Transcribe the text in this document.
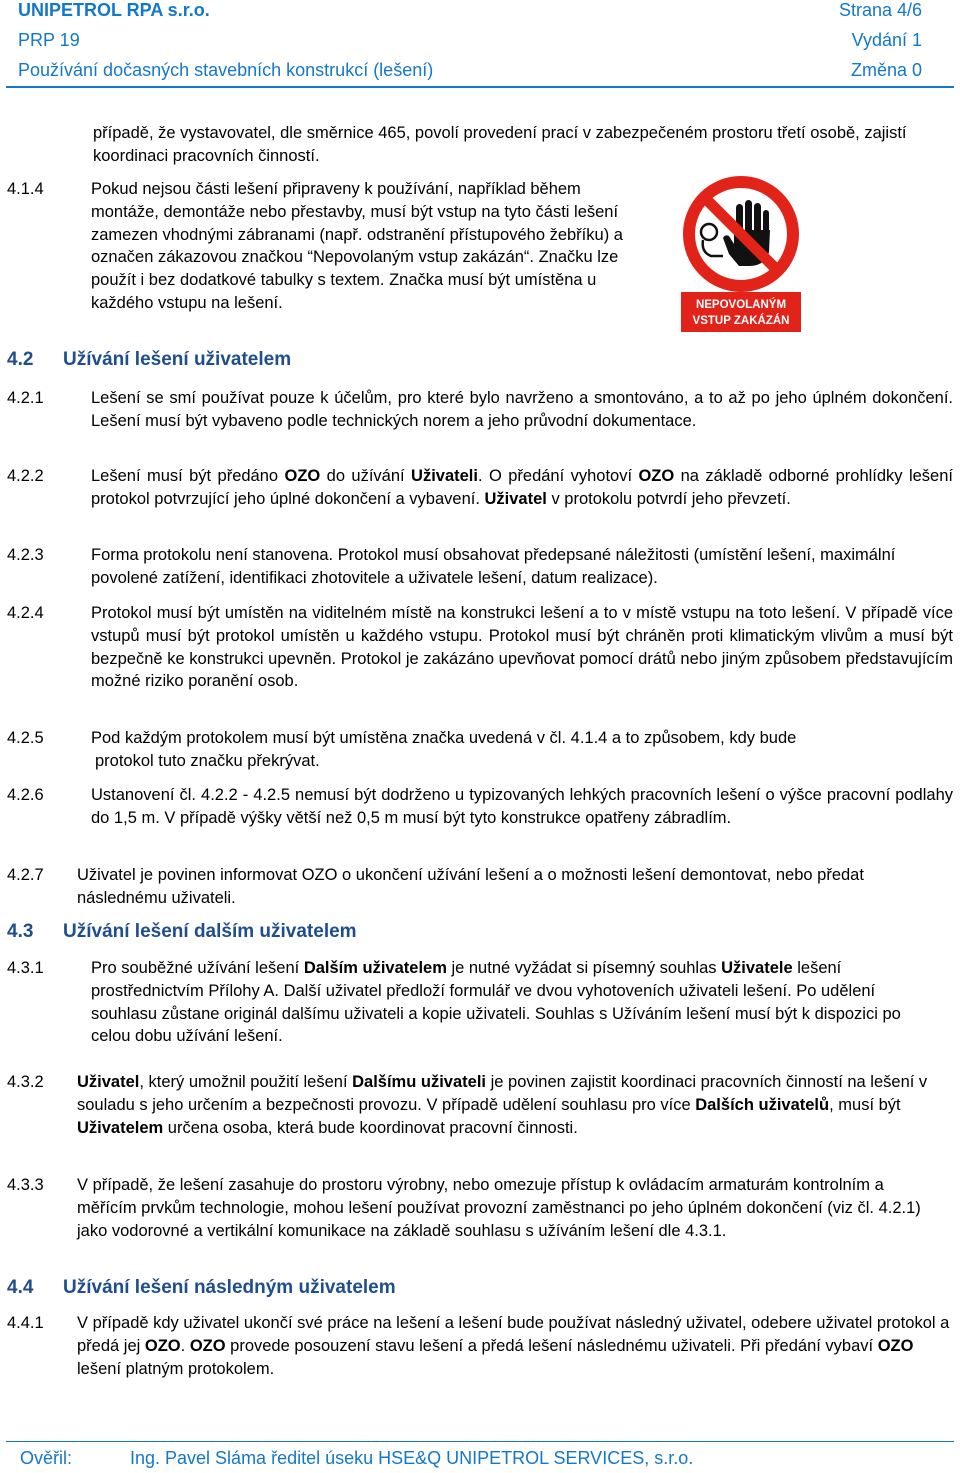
UNIPETROL RPA s.r.o.	Strana 4/6
PRP 19	Vydání 1
Používání dočasných stavebních konstrukcí (lešení)	Změna 0
případě, že vystavovatel, dle směrnice 465, povolí provedení prací v zabezpečeném prostoru třetí osobě, zajistí koordinaci pracovních činností.
4.1.4	Pokud nejsou části lešení připraveny k používání, například během montáže, demontáže nebo přestavby, musí být vstup na tyto části lešení zamezen vhodnými zábranami (např. odstranění přístupového žebříku) a označen zákazovou značkou “Nepovolaným vstup zakázán“. Značku lze použít i bez dodatkové tabulky s textem. Značka musí být umístěna u každého vstupu na lešení.	NEPOVOLANÝM
VSTUP ZAKÁZÁN
4.2 Užívání lešení uživatelem
4.2.1	Lešení se smí používat pouze k účelům, pro které bylo navrženo a smontováno, a to až po jeho úplném dokončení. Lešení musí být vybaveno podle technických norem a jeho průvodní dokumentace.
4.2.2	Lešení musí být předáno OZO do užívání Uživateli. O předání vyhotoví OZO na základě odborné prohlídky lešení protokol potvrzující jeho úplné dokončení a vybavení. Uživatel v protokolu potvrdí jeho převzetí.
4.2.3	Forma protokolu není stanovena. Protokol musí obsahovat předepsané náležitosti (umístění lešení, maximální povolené zatížení, identifikaci zhotovitele a uživatele lešení, datum realizace).
4.2.4	Protokol musí být umístěn na viditelném místě na konstrukci lešení a to v místě vstupu na toto lešení. V případě více vstupů musí být protokol umístěn u každého vstupu. Protokol musí být chráněn proti klimatickým vlivům a musí být bezpečně ke konstrukci upevněn. Protokol je zakázáno upevňovat pomocí drátů nebo jiným způsobem představujícím možné riziko poranění osob.
4.2.5	Pod každým protokolem musí být umístěna značka uvedená v čl. 4.1.4 a to způsobem, kdy bude
protokol tuto značku překrývat.
4.2.6	Ustanovení čl. 4.2.2 - 4.2.5 nemusí být dodrženo u typizovaných lehkých pracovních lešení o výšce pracovní podlahy do 1,5 m. V případě výšky větší než 0,5 m musí být tyto konstrukce opatřeny zábradlím.
4.2.7 Uživatel je povinen informovat OZO o ukončení užívání lešení a o možnosti lešení demontovat, nebo předat následnému uživateli.
4.3 Užívání lešení dalším uživatelem
4.3.1	Pro souběžné užívání lešení Dalším uživatelem je nutné vyžádat si písemný souhlas Uživatele lešení prostřednictvím Přílohy A. Další uživatel předloží formulář ve dvou vyhotoveních uživateli lešení. Po udělení souhlasu zůstane originál dalšímu uživateli a kopie uživateli. Souhlas s Užíváním lešení musí být k dispozici po celou dobu užívání lešení.
4.3.2 Uživatel, který umožnil použití lešení Dalšímu uživateli je povinen zajistit koordinaci pracovních činností na lešení v souladu s jeho určením a bezpečnosti provozu. V případě udělení souhlasu pro více Dalších uživatelů, musí být Uživatelem určena osoba, která bude koordinovat pracovní činnosti.
4.3.3 V případě, že lešení zasahuje do prostoru výrobny, nebo omezuje přístup k ovládacím armaturám kontrolním a měřícím prvkům technologie, mohou lešení používat provozní zaměstnanci po jeho úplném dokončení (viz čl. 4.2.1) jako vodorovné a vertikální komunikace na základě souhlasu s užíváním lešení dle 4.3.1.
4.4 Užívání lešení následným uživatelem
4.4.1 V případě kdy uživatel ukončí své práce na lešení a lešení bude používat následný uživatel, odebere uživatel protokol a předá jej OZO. OZO provede posouzení stavu lešení a předá lešení následnému uživateli. Při předání vybaví OZO lešení platným protokolem.
Ověřil:	Ing. Pavel Sláma ředitel úseku HSE&Q UNIPETROL SERVICES, s.r.o.
